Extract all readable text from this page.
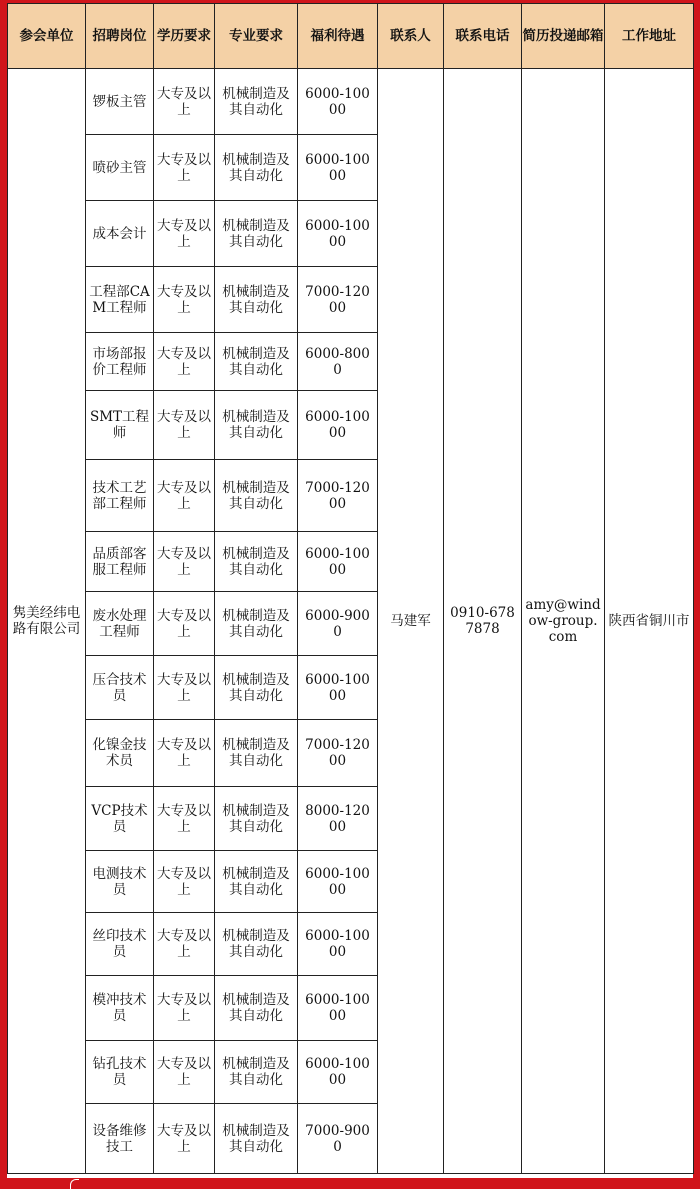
参会单位	招聘岗位	学历要求	专业要求	福利待遇	联系人	联系电话	简历投递邮箱	工作地址
隽美经纬电路有限公司	锣板主管	大专及以上	机械制造及其自动化	6000-10000	马建军	0910-6787878	amy@window-group.com	陕西省铜川市
	喷砂主管	大专及以上	机械制造及其自动化	6000-10000				
	成本会计	大专及以上	机械制造及其自动化	6000-10000				
	工程部CAM工程师	大专及以上	机械制造及其自动化	7000-12000				
	市场部报价工程师	大专及以上	机械制造及其自动化	6000-8000				
	SMT工程师	大专及以上	机械制造及其自动化	6000-10000				
	技术工艺部工程师	大专及以上	机械制造及其自动化	7000-12000				
	品质部客服工程师	大专及以上	机械制造及其自动化	6000-10000				
	废水处理工程师	大专及以上	机械制造及其自动化	6000-9000				
	压合技术员	大专及以上	机械制造及其自动化	6000-10000				
	化镍金技术员	大专及以上	机械制造及其自动化	7000-12000				
	VCP技术员	大专及以上	机械制造及其自动化	8000-12000				
	电测技术员	大专及以上	机械制造及其自动化	6000-10000				
	丝印技术员	大专及以上	机械制造及其自动化	6000-10000				
	模冲技术员	大专及以上	机械制造及其自动化	6000-10000				
	钻孔技术员	大专及以上	机械制造及其自动化	6000-10000				
	设备维修技工	大专及以上	机械制造及其自动化	7000-9000				
